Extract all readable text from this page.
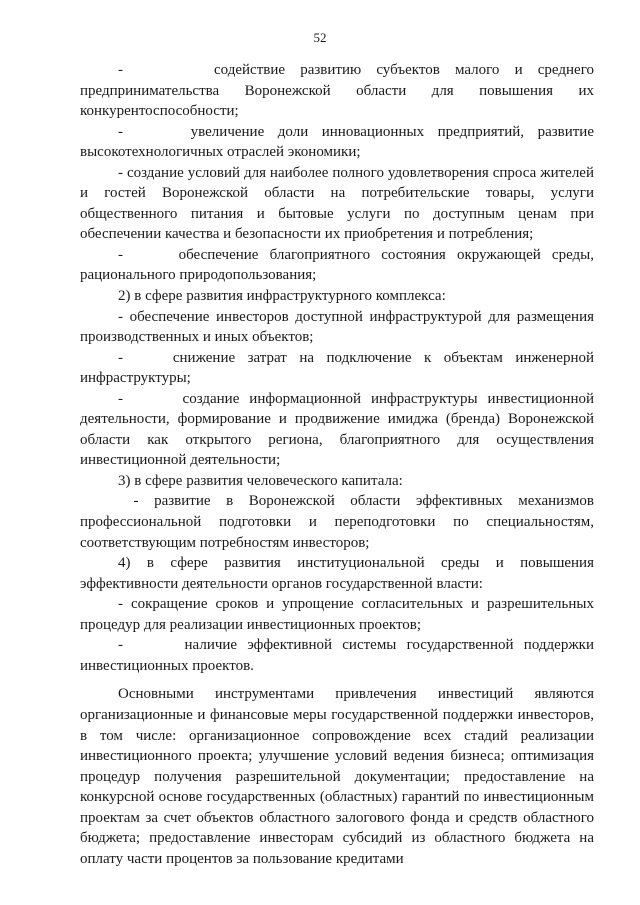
52

-      содействие развитию субъектов малого и среднего предпринимательства Воронежской области для повышения их конкурентоспособности;

-     увеличение доли инновационных предприятий, развитие высокотехнологичных отраслей экономики;

- создание условий для наиболее полного удовлетворения спроса жителей и гостей Воронежской области на потребительские товары, услуги общественного питания и бытовые услуги по доступным ценам при обеспечении качества и безопасности их приобретения и потребления;

-     обеспечение благоприятного состояния окружающей среды, рационального природопользования;

2) в сфере развития инфраструктурного комплекса:

- обеспечение инвесторов доступной инфраструктурой для размещения производственных и иных объектов;

-    снижение затрат на подключение к объектам инженерной инфраструктуры;

-      создание информационной инфраструктуры инвестиционной деятельности, формирование и продвижение имиджа (бренда) Воронежской области как открытого региона, благоприятного для осуществления инвестиционной деятельности;

3) в сфере развития человеческого капитала:

- развитие в Воронежской области эффективных механизмов профессиональной подготовки и переподготовки по специальностям, соответствующим потребностям инвесторов;

4) в сфере развития институциональной среды и повышения эффективности деятельности органов государственной власти:

- сокращение сроков и упрощение согласительных и разрешительных процедур для реализации инвестиционных проектов;

-      наличие эффективной системы государственной поддержки инвестиционных проектов.

Основными инструментами привлечения инвестиций являются организационные и финансовые меры государственной поддержки инвесторов, в том числе: организационное сопровождение всех стадий реализации инвестиционного проекта; улучшение условий ведения бизнеса; оптимизация процедур получения разрешительной документации; предоставление на конкурсной основе государственных (областных) гарантий по инвестиционным проектам за счет объектов областного залогового фонда и средств областного бюджета; предоставление инвесторам субсидий из областного бюджета на оплату части процентов за пользование кредитами
